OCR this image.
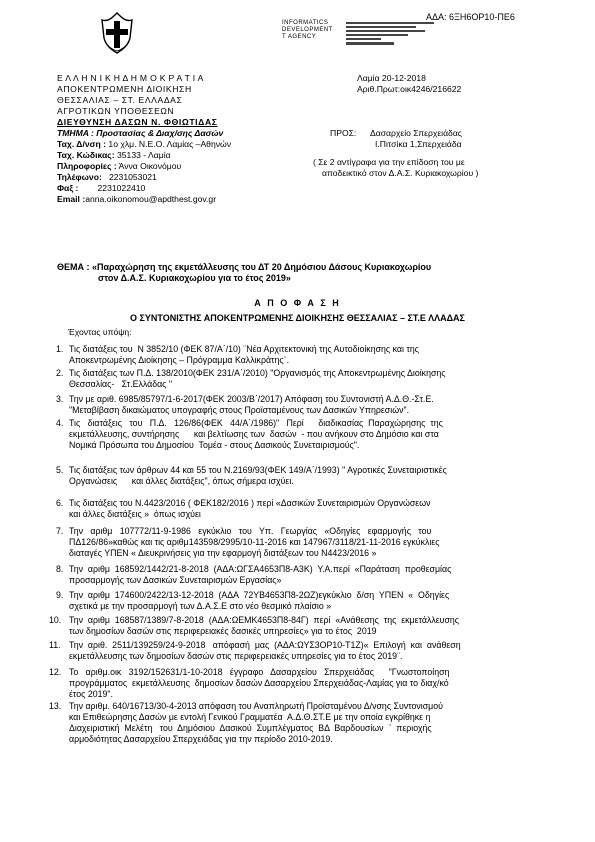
ΑΔΑ: 6ΞΗ6ΟΡ10-ΠΕ6
INFORMATICS
DEVELOPMENT
T AGENCY
Ε Λ Λ Η Ν Ι Κ Η Δ Η Μ Ο Κ Ρ Α Τ Ι Α
ΑΠΟΚΕΝΤΡΩΜΕΝΗ ΔΙΟΙΚΗΣΗ
ΘΕΣΣΑΛΙΑΣ – ΣΤ. ΕΛΛΑΔΑΣ
ΑΓΡΟΤΙΚΩΝ ΥΠΟΘΕΣΕΩΝ
ΔΙΕΥΘΥΝΣΗ ΔΑΣΩΝ Ν. ΦΘΙΩΤΙΔΑΣ
ΤΜΗΜΑ : Προστασίας & Διαχ/σης Δασών
Ταχ. Δ/νση : 1ο χλμ. Ν.Ε.Ο. Λαμίας –Αθηνών
Ταχ. Κώδικας: 35133 - Λαμία
Πληροφορίες : Άννα Οικονόμου
Τηλέφωνο:   2231053021
Φαξ :        2231022410
Email :anna.oikonomou@apdthest.gov.gr
Λαμία 20-12-2018
Αριθ.Πρωτ:οικ4246/216622
ΠΡΟΣ: Δασαρχείο Σπερχειάδας
Ι.Πιτσίκα 1,Σπερχειάδα
( Σε 2 αντίγραφα για την επίδοση του με
αποδεικτικό στον Δ.Α.Σ. Κυριακοχωρίου )
ΘΕΜΑ : «Παραχώρηση της εκμετάλλευσης του ΔΤ 20 Δημόσιου Δάσους Κυριακοχωρίου
στον Δ.Α.Σ. Κυριακοχωρίου για το έτος 2019»
Α Π Ο Φ Α Σ Η
Ο ΣΥΝΤΟΝΙΣΤΗΣ ΑΠΟΚΕΝΤΡΩΜΕΝΗΣ ΔΙΟΙΚΗΣΗΣ ΘΕΣΣΑΛΙΑΣ – ΣΤ.Ε ΛΛΑΔΑΣ
Έχοντας υπόψη:
1. Τις διατάξεις του  Ν 3852/10 (ΦΕΚ 87/Α΄/10) ¨Νέα Αρχιτεκτονική της Αυτοδιοίκησης και της
Αποκεντρωμένης Διοίκησης – Πρόγραμμα Καλλικράτης¨.
2. Τις διατάξεις των Π.Δ. 138/2010(ΦΕΚ 231/Α΄/2010) "Οργανισμός της Αποκεντρωμένης Διοίκησης
Θεσσαλίας-   Στ.Ελλάδας "
3. Την με αριθ. 6985/85797/1-6-2017(ΦΕΚ 2003/Β΄/2017) Απόφαση του Συντονιστή Α.Δ.Θ.-Στ.Ε.
"Μεταβίβαση δικαιώματος υπογραφής στους Προϊσταμένους των Δασικών Υπηρεσιών".
4. Τις   διατάξεις   του   Π.Δ.   126/86(ΦΕΚ   44/Α΄/1986)"   Περί      διαδικασίας  Παραχώρησης  της
εκμετάλλευσης, συντήρησης      και βελτίωσης των  δασών  - που ανήκουν στο Δημόσιο και στα
Νομικά Πρόσωπα του Δημοσίου  Τομέα - στους Δασικούς Συνεταιρισμούς".
5. Τις διατάξεις των άρθρων 44 και 55 του Ν.2169/93(ΦΕΚ 149/Α΄/1993) " Αγροτικές Συνεταιριστικές
Οργανώσεις      και άλλες διατάξεις", όπως σήμερα ισχύει.
6. Τις διατάξεις του Ν.4423/2016 ( ΦΕΚ182/2016 ) περί «Δασικών Συνεταιρισμών Οργανώσεων
και άλλες διατάξεις »  όπως ισχύει
7. Την   αριθμ   107772/11-9-1986   εγκύκλιο   του   Υπ.   Γεωργίας   «Οδηγίες   εφαρμογής   του
ΠΔ126/86»καθώς και τις αριθμ143598/2995/10-11-2016 και 147967/3118/21-11-2016 εγκύκλιες
διαταγές ΥΠΕΝ « Διευκρινήσεις για την εφαρμογή διατάξεων του Ν4423/2016 »
8. Την  αριθμ  168592/1442/21-8-2018  (ΑΔΑ:ΩΓΣΑ4653Π8-Α3Κ)  Υ.Α.περί  «Παράταση  προθεσμίας
προσαρμογής των Δασικών Συνεταιρισμών Εργασίας»
9. Την  αριθμ  174600/2422/13-12-2018  (ΑΔΑ  72ΥΒ4653Π8-2ΩΖ)εγκύκλιο  δ/ση  ΥΠΕΝ  «  Οδηγίες
σχετικά με την προσαρμογή των Δ.Α.Σ.Ε στο νέο θεσμικό πλαίσιο »
10. Την  αριθμ  168587/1389/7-8-2018  (ΑΔΑ:ΩΕΜΚ4653Π8-84Γ)  περί  «Ανάθεσης  της  εκμετάλλευσης
των δημοσίων δασών στις περιφερειακές δασικές υπηρεσίες» για το έτος  2019
11. Την  αριθ.  2511/139259/24-9-2018   απόφασή  μας  (ΑΔΑ:ΩΥΣ3ΟΡ10-Τ1Ζ)«  Επιλογή  και  ανάθεση
εκμετάλλευσης των δημοσίων δασών στις περιφερειακές υπηρεσίες για το έτος 2019¨.
12. Το   αριθμ.οικ   3192/152631/1-10-2018   έγγραφο   Δασαρχείου   Σπερχειάδας      "Γνωστοποίηση
προγράμματος  εκμετάλλευσης  δημοσίων δασών Δασαρχείου Σπερχειάδας-Λαμίας για το διαχ/κό
έτος 2019".
13. Την αριθμ. 640/16713/30-4-2013 απόφαση του Αναπληρωτή Προϊσταμένου Δ/νσης Συντονισμού
και Επιθεώρησης Δασών με εντολή Γενικού Γραμματέα  Α.Δ.Θ.ΣΤ.Ε με την οποία εγκρίθηκε η
Διαχειριστική  Μελέτη   του  Δημόσιου  Δασικού  Συμπλέγματος  ΒΔ  Βαρδουσίων  ¨  περιοχής
αρμοδιότητας Δασαρχείου Σπερχειάδας για την περίοδο 2010-2019.
